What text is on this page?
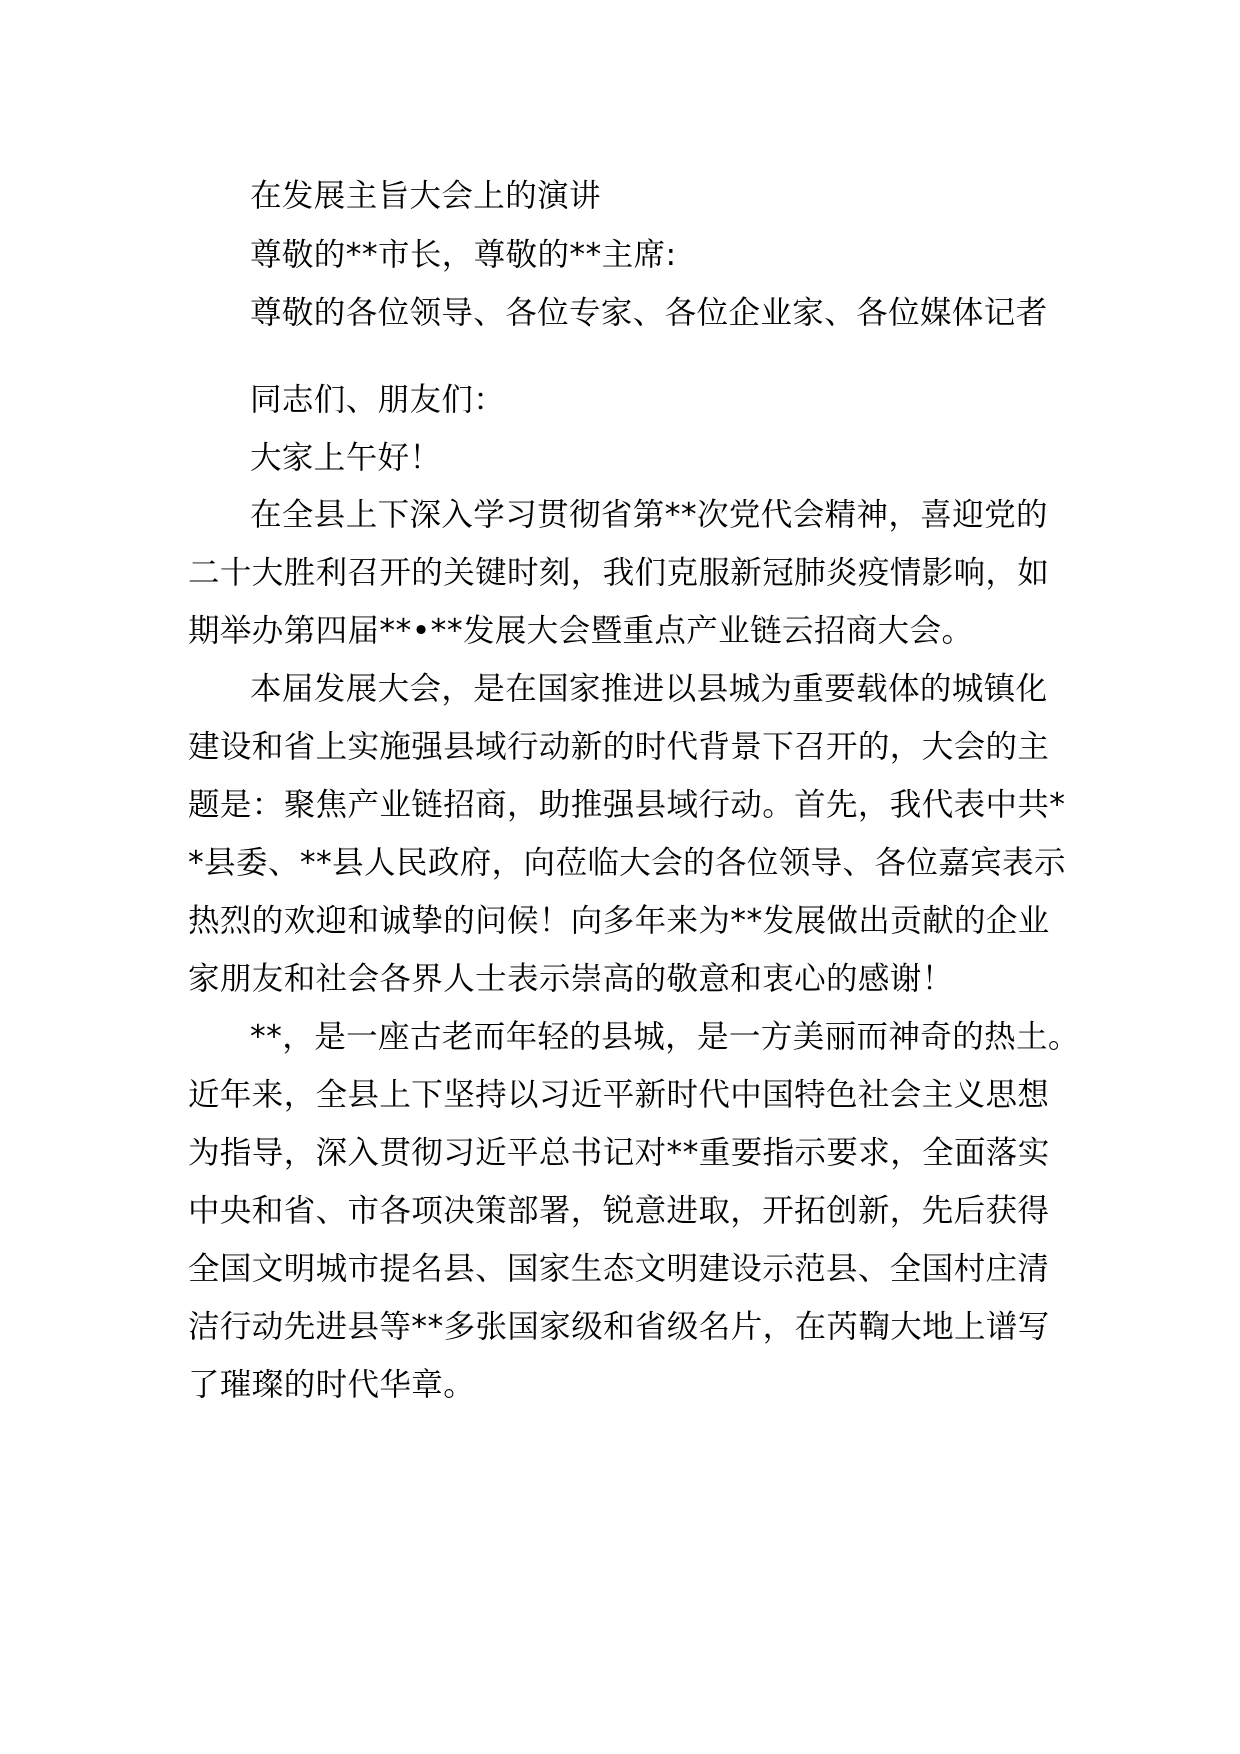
在发展主旨大会上的演讲
尊敬的**市长，尊敬的**主席:
尊敬的各位领导、各位专家、各位企业家、各位媒体记者
同志们、朋友们：
大家上午好！
在全县上下深入学习贯彻省第**次党代会精神，喜迎党的
二十大胜利召开的关键时刻，我们克服新冠肺炎疫情影响，如
期举办第四届**•**发展大会暨重点产业链云招商大会。
本届发展大会，是在国家推进以县城为重要载体的城镇化
建设和省上实施强县域行动新的时代背景下召开的，大会的主
题是：聚焦产业链招商，助推强县域行动。首先，我代表中共*
*县委、**县人民政府，向莅临大会的各位领导、各位嘉宾表示
热烈的欢迎和诚挚的问候！向多年来为**发展做出贡献的企业
家朋友和社会各界人士表示崇高的敬意和衷心的感谢！
**，是一座古老而年轻的县城，是一方美丽而神奇的热土。
近年来，全县上下坚持以习近平新时代中国特色社会主义思想
为指导，深入贯彻习近平总书记对**重要指示要求，全面落实
中央和省、市各项决策部署，锐意进取，开拓创新，先后获得
全国文明城市提名县、国家生态文明建设示范县、全国村庄清
洁行动先进县等**多张国家级和省级名片，在芮鞫大地上谱写
了璀璨的时代华章。
